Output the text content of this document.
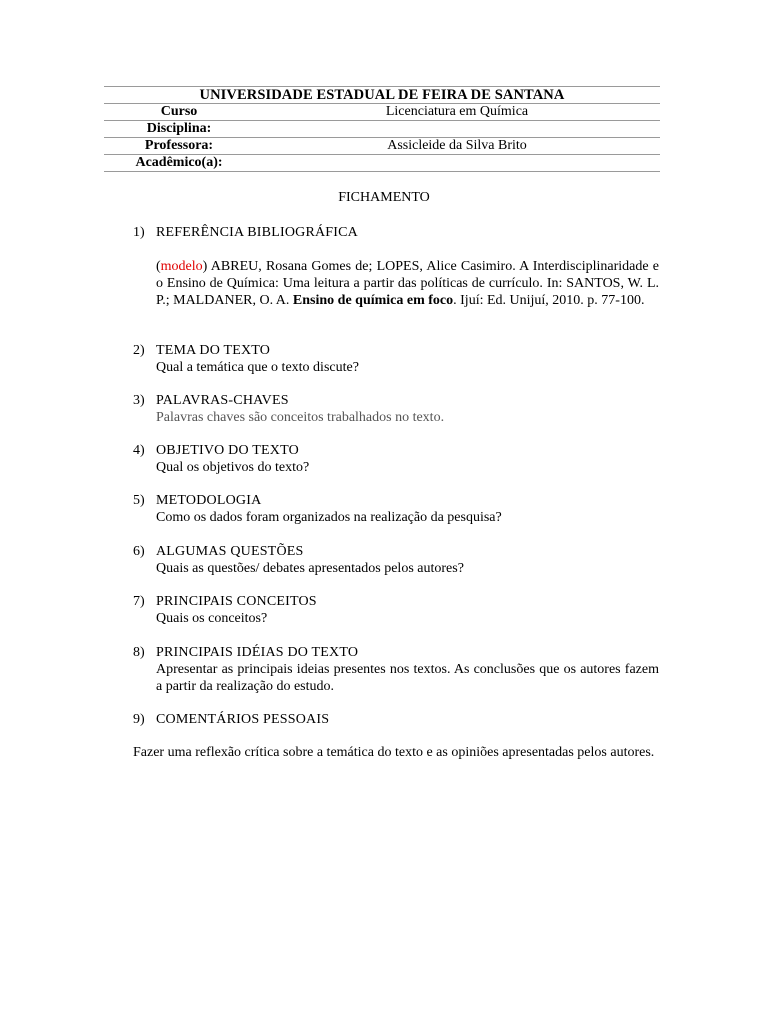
UNIVERSIDADE ESTADUAL DE FEIRA DE SANTANA	
Curso	Licenciatura em Química
Disciplina:	
Professora:	Assicleide da Silva Brito
Acadêmico(a):	
FICHAMENTO
1) REFERÊNCIA BIBLIOGRÁFICA
(modelo) ABREU, Rosana Gomes de; LOPES, Alice Casimiro. A Interdisciplinaridade e o Ensino de Química: Uma leitura a partir das políticas de currículo. In: SANTOS, W. L. P.; MALDANER, O. A. Ensino de química em foco. Ijuí: Ed. Unijuí, 2010. p. 77-100.
2) TEMA DO TEXTO
Qual a temática que o texto discute?
3) PALAVRAS-CHAVES
Palavras chaves são conceitos trabalhados no texto.
4) OBJETIVO DO TEXTO
Qual os objetivos do texto?
5) METODOLOGIA
Como os dados foram organizados na realização da pesquisa?
6) ALGUMAS QUESTÕES
Quais as questões/ debates apresentados pelos autores?
7) PRINCIPAIS CONCEITOS
Quais os conceitos?
8) PRINCIPAIS IDÉIAS DO TEXTO
Apresentar as principais ideias presentes nos textos. As conclusões que os autores fazem a partir da realização do estudo.
9) COMENTÁRIOS PESSOAIS
Fazer uma reflexão crítica sobre a temática do texto e as opiniões apresentadas pelos autores.
